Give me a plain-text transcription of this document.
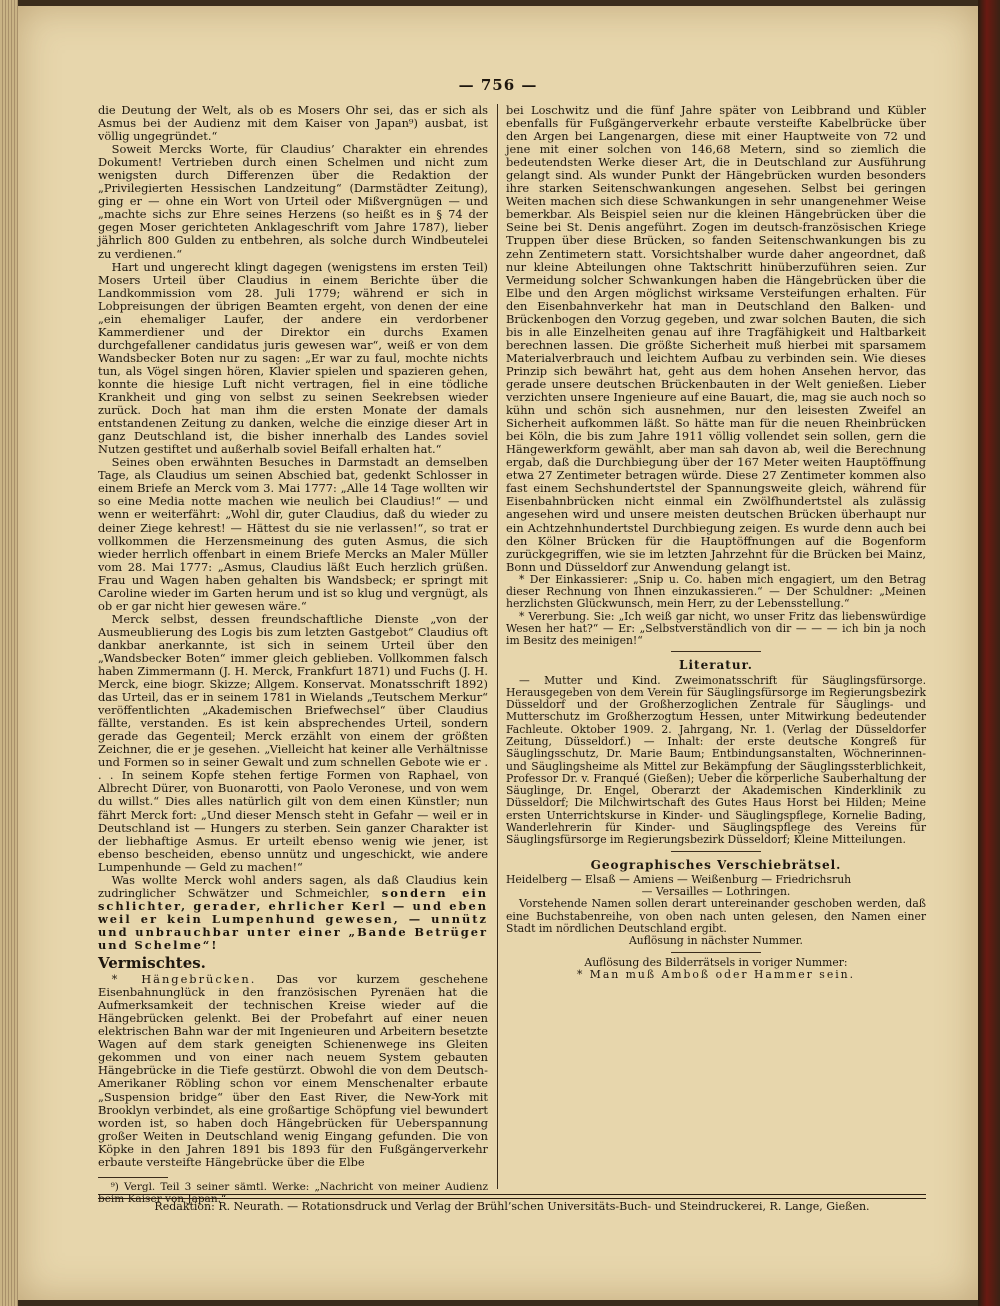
— 756 —

die Deutung der Welt, als ob es Mosers Ohr sei, das er sich als Asmus bei der Audienz mit dem Kaiser von Japan⁹) ausbat, ist völlig ungegründet.“

Soweit Mercks Worte, für Claudius’ Charakter ein ehrendes Dokument! Vertrieben durch einen Schelmen und nicht zum wenigsten durch Differenzen über die Redaktion der „Privilegierten Hessischen Landzeitung“ (Darmstädter Zeitung), ging er — ohne ein Wort von Urteil oder Mißvergnügen — und „machte sichs zur Ehre seines Herzens (so heißt es in § 74 der gegen Moser gerichteten Anklageschrift vom Jahre 1787), lieber jährlich 800 Gulden zu entbehren, als solche durch Windbeutelei zu verdienen.“

Hart und ungerecht klingt dagegen (wenigstens im ersten Teil) Mosers Urteil über Claudius in einem Berichte über die Landkommission vom 28. Juli 1779; während er sich in Lobpreisungen der übrigen Beamten ergeht, von denen der eine „ein ehemaliger Laufer, der andere ein verdorbener Kammerdiener und der Direktor ein durchs Examen durchgefallener candidatus juris gewesen war“, weiß er von dem Wandsbecker Boten nur zu sagen: „Er war zu faul, mochte nichts tun, als Vögel singen hören, Klavier spielen und spazieren gehen, konnte die hiesige Luft nicht vertragen, fiel in eine tödliche Krankheit und ging von selbst zu seinen Seekrebsen wieder zurück. Doch hat man ihm die ersten Monate der damals entstandenen Zeitung zu danken, welche die einzige dieser Art in ganz Deutschland ist, die bisher innerhalb des Landes soviel Nutzen gestiftet und außerhalb soviel Beifall erhalten hat.“

Seines oben erwähnten Besuches in Darmstadt an demselben Tage, als Claudius um seinen Abschied bat, gedenkt Schlosser in einem Briefe an Merck vom 3. Mai 1777: „Alle 14 Tage wollten wir so eine Media notte machen wie neulich bei Claudius!“ — und wenn er weiterfährt: „Wohl dir, guter Claudius, daß du wieder zu deiner Ziege kehrest! — Hättest du sie nie verlassen!“, so trat er vollkommen die Herzensmeinung des guten Asmus, die sich wieder herrlich offenbart in einem Briefe Mercks an Maler Müller vom 28. Mai 1777: „Asmus, Claudius läßt Euch herzlich grüßen. Frau und Wagen haben gehalten bis Wandsbeck; er springt mit Caroline wieder im Garten herum und ist so klug und vergnügt, als ob er gar nicht hier gewesen wäre.“

Merck selbst, dessen freundschaftliche Dienste „von der Ausmeublierung des Logis bis zum letzten Gastgebot“ Claudius oft dankbar anerkannte, ist sich in seinem Urteil über den „Wandsbecker Boten“ immer gleich geblieben. Vollkommen falsch haben Zimmermann (J. H. Merck, Frankfurt 1871) und Fuchs (J. H. Merck, eine biogr. Skizze; Allgem. Konservat. Monatsschrift 1892) das Urteil, das er in seinem 1781 in Wielands „Teutschem Merkur“ veröffentlichten „Akademischen Briefwechsel“ über Claudius fällte, verstanden. Es ist kein absprechendes Urteil, sondern gerade das Gegenteil; Merck erzählt von einem der größten Zeichner, die er je gesehen. „Vielleicht hat keiner alle Verhältnisse und Formen so in seiner Gewalt und zum schnellen Gebote wie er . . . In seinem Kopfe stehen fertige Formen von Raphael, von Albrecht Dürer, von Buonarotti, von Paolo Veronese, und von wem du willst.“ Dies alles natürlich gilt von dem einen Künstler; nun fährt Merck fort: „Und dieser Mensch steht in Gefahr — weil er in Deutschland ist — Hungers zu sterben. Sein ganzer Charakter ist der liebhaftige Asmus. Er urteilt ebenso wenig wie jener, ist ebenso bescheiden, ebenso unnütz und ungeschickt, wie andere Lumpenhunde — Geld zu machen!“

Was wollte Merck wohl anders sagen, als daß Claudius kein zudringlicher Schwätzer und Schmeichler, sondern ein schlichter, gerader, ehrlicher Kerl — und eben weil er kein Lumpenhund gewesen, — unnütz und unbrauchbar unter einer „Bande Betrüger und Schelme“!

Vermischtes.

* Hängebrücken. Das vor kurzem geschehene Eisenbahnunglück in den französischen Pyrenäen hat die Aufmerksamkeit der technischen Kreise wieder auf die Hängebrücken gelenkt. Bei der Probefahrt auf einer neuen elektrischen Bahn war der mit Ingenieuren und Arbeitern besetzte Wagen auf dem stark geneigten Schienenwege ins Gleiten gekommen und von einer nach neuem System gebauten Hängebrücke in die Tiefe gestürzt. Obwohl die von dem Deutsch-Amerikaner Röbling schon vor einem Menschenalter erbaute „Suspension bridge“ über den East River, die New-York mit Brooklyn verbindet, als eine großartige Schöpfung viel bewundert worden ist, so haben doch Hängebrücken für Ueberspannung großer Weiten in Deutschland wenig Eingang gefunden. Die von Köpke in den Jahren 1891 bis 1893 für den Fußgängerverkehr erbaute versteifte Hängebrücke über die Elbe

⁹) Vergl. Teil 3 seiner sämtl. Werke: „Nachricht von meiner Audienz beim Kaiser von Japan.“

bei Loschwitz und die fünf Jahre später von Leibbrand und Kübler ebenfalls für Fußgängerverkehr erbaute versteifte Kabelbrücke über den Argen bei Langenargen, diese mit einer Hauptweite von 72 und jene mit einer solchen von 146,68 Metern, sind so ziemlich die bedeutendsten Werke dieser Art, die in Deutschland zur Ausführung gelangt sind. Als wunder Punkt der Hängebrücken wurden besonders ihre starken Seitenschwankungen angesehen. Selbst bei geringen Weiten machen sich diese Schwankungen in sehr unangenehmer Weise bemerkbar. Als Beispiel seien nur die kleinen Hängebrücken über die Seine bei St. Denis angeführt. Zogen im deutsch-französischen Kriege Truppen über diese Brücken, so fanden Seitenschwankungen bis zu zehn Zentimetern statt. Vorsichtshalber wurde daher angeordnet, daß nur kleine Abteilungen ohne Taktschritt hinüberzuführen seien. Zur Vermeidung solcher Schwankungen haben die Hängebrücken über die Elbe und den Argen möglichst wirksame Versteifungen erhalten. Für den Eisenbahnverkehr hat man in Deutschland den Balken- und Brückenbogen den Vorzug gegeben, und zwar solchen Bauten, die sich bis in alle Einzelheiten genau auf ihre Tragfähigkeit und Haltbarkeit berechnen lassen. Die größte Sicherheit muß hierbei mit sparsamem Materialverbrauch und leichtem Aufbau zu verbinden sein. Wie dieses Prinzip sich bewährt hat, geht aus dem hohen Ansehen hervor, das gerade unsere deutschen Brückenbauten in der Welt genießen. Lieber verzichten unsere Ingenieure auf eine Bauart, die, mag sie auch noch so kühn und schön sich ausnehmen, nur den leisesten Zweifel an Sicherheit aufkommen läßt. So hätte man für die neuen Rheinbrücken bei Köln, die bis zum Jahre 1911 völlig vollendet sein sollen, gern die Hängewerkform gewählt, aber man sah davon ab, weil die Berechnung ergab, daß die Durchbiegung über der 167 Meter weiten Hauptöffnung etwa 27 Zentimeter betragen würde. Diese 27 Zentimeter kommen also fast einem Sechshundertstel der Spannungsweite gleich, während für Eisenbahnbrücken nicht einmal ein Zwölfhundertstel als zulässig angesehen wird und unsere meisten deutschen Brücken überhaupt nur ein Achtzehnhundertstel Durchbiegung zeigen. Es wurde denn auch bei den Kölner Brücken für die Hauptöffnungen auf die Bogenform zurückgegriffen, wie sie im letzten Jahrzehnt für die Brücken bei Mainz, Bonn und Düsseldorf zur Anwendung gelangt ist.

* Der Einkassierer: „Snip u. Co. haben mich engagiert, um den Betrag dieser Rechnung von Ihnen einzukassieren.“ — Der Schuldner: „Meinen herzlichsten Glückwunsch, mein Herr, zu der Lebensstellung.“

* Vererbung. Sie: „Ich weiß gar nicht, wo unser Fritz das liebenswürdige Wesen her hat?“ — Er: „Selbstverständlich von dir — — — ich bin ja noch im Besitz des meinigen!“

Literatur.

— Mutter und Kind. Zweimonatsschrift für Säuglingsfürsorge. Herausgegeben von dem Verein für Säuglingsfürsorge im Regierungsbezirk Düsseldorf und der Großherzoglichen Zentrale für Säuglings- und Mutterschutz im Großherzogtum Hessen, unter Mitwirkung bedeutender Fachleute. Oktober 1909. 2. Jahrgang, Nr. 1. (Verlag der Düsseldorfer Zeitung, Düsseldorf.) — Inhalt: der erste deutsche Kongreß für Säuglingsschutz, Dr. Marie Baum; Entbindungsanstalten, Wöchnerinnen- und Säuglingsheime als Mittel zur Bekämpfung der Säuglingssterblichkeit, Professor Dr. v. Franqué (Gießen); Ueber die körperliche Sauberhaltung der Säuglinge, Dr. Engel, Oberarzt der Akademischen Kinderklinik zu Düsseldorf; Die Milchwirtschaft des Gutes Haus Horst bei Hilden; Meine ersten Unterrichtskurse in Kinder- und Säuglingspflege, Kornelie Bading, Wanderlehrerin für Kinder- und Säuglingspflege des Vereins für Säuglingsfürsorge im Regierungsbezirk Düsseldorf; Kleine Mitteilungen.

Geographisches Verschiebrätsel.

Heidelberg — Elsaß — Amiens — Weißenburg — Friedrichsruh

— Versailles — Lothringen.

Vorstehende Namen sollen derart untereinander geschoben werden, daß eine Buchstabenreihe, von oben nach unten gelesen, den Namen einer Stadt im nördlichen Deutschland ergibt.

Auflösung in nächster Nummer.

Auflösung des Bilderrätsels in voriger Nummer:

* Man muß Amboß oder Hammer sein.

Redaktion: R. Neurath. — Rotationsdruck und Verlag der Brühl’schen Universitäts-Buch- und Steindruckerei, R. Lange, Gießen.
